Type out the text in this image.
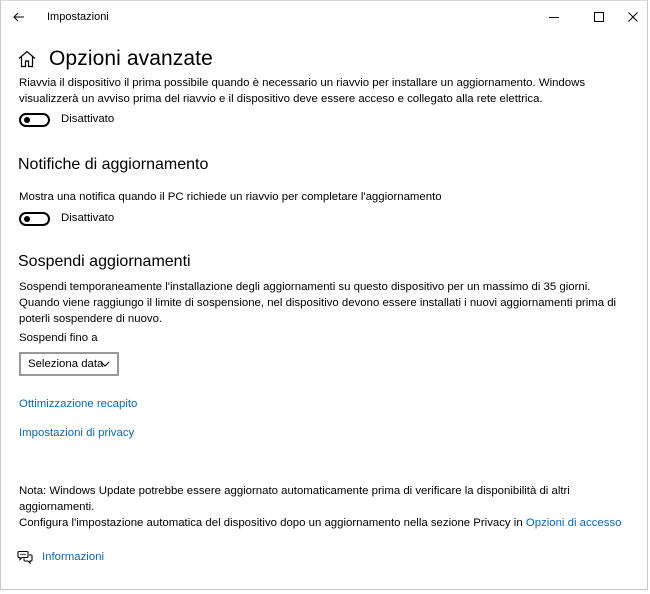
Impostazioni
Opzioni avanzate
Riavvia il dispositivo il prima possibile quando è necessario un riavvio per installare un aggiornamento. Windows visualizzerà un avviso prima del riavvio e il dispositivo deve essere acceso e collegato alla rete elettrica.
Disattivato
Notifiche di aggiornamento
Mostra una notifica quando il PC richiede un riavvio per completare l'aggiornamento
Disattivato
Sospendi aggiornamenti
Sospendi temporaneamente l'installazione degli aggiornamenti su questo dispositivo per un massimo di 35 giorni. Quando viene raggiungo il limite di sospensione, nel dispositivo devono essere installati i nuovi aggiornamenti prima di poterli sospendere di nuovo.
Sospendi fino a
Seleziona data
Ottimizzazione recapito
Impostazioni di privacy
Nota: Windows Update potrebbe essere aggiornato automaticamente prima di verificare la disponibilità di altri aggiornamenti.
Configura l'impostazione automatica del dispositivo dopo un aggiornamento nella sezione Privacy in Opzioni di accesso
Informazioni
